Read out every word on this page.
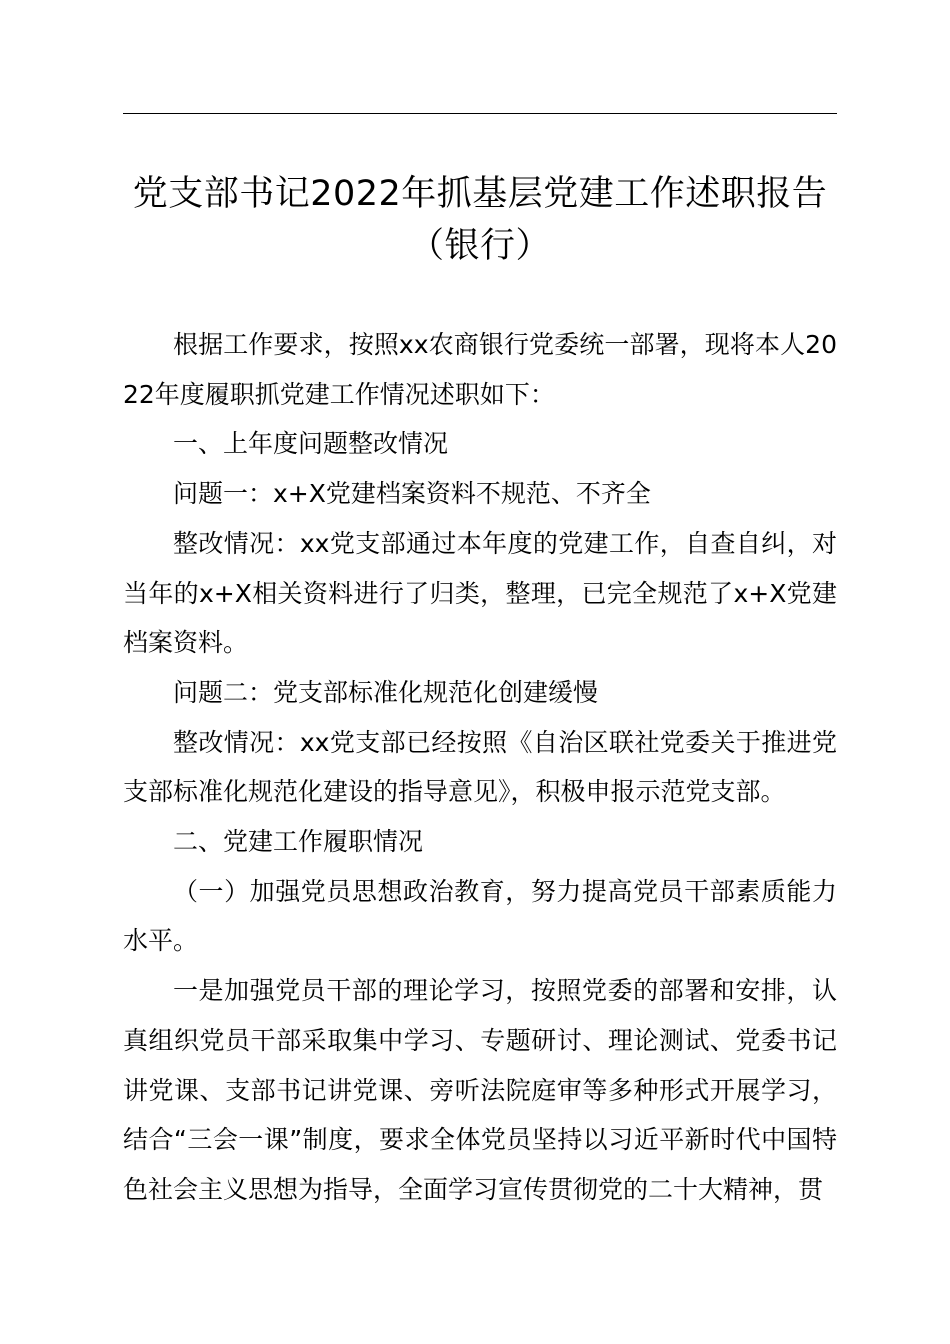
党支部书记2022年抓基层党建工作述职报告
（银行）

根据工作要求，按照xx农商银行党委统一部署，现将本人2022年度履职抓党建工作情况述职如下：

一、上年度问题整改情况

问题一：x+X党建档案资料不规范、不齐全

整改情况：xx党支部通过本年度的党建工作，自查自纠，对当年的x+X相关资料进行了归类，整理，已完全规范了x+X党建档案资料。

问题二：党支部标准化规范化创建缓慢

整改情况：xx党支部已经按照《自治区联社党委关于推进党支部标准化规范化建设的指导意见》，积极申报示范党支部。

二、党建工作履职情况

（一）加强党员思想政治教育，努力提高党员干部素质能力水平。

一是加强党员干部的理论学习，按照党委的部署和安排，认真组织党员干部采取集中学习、专题研讨、理论测试、党委书记讲党课、支部书记讲党课、旁听法院庭审等多种形式开展学习，结合“三会一课”制度，要求全体党员坚持以习近平新时代中国特色社会主义思想为指导，全面学习宣传贯彻党的二十大精神，贯
